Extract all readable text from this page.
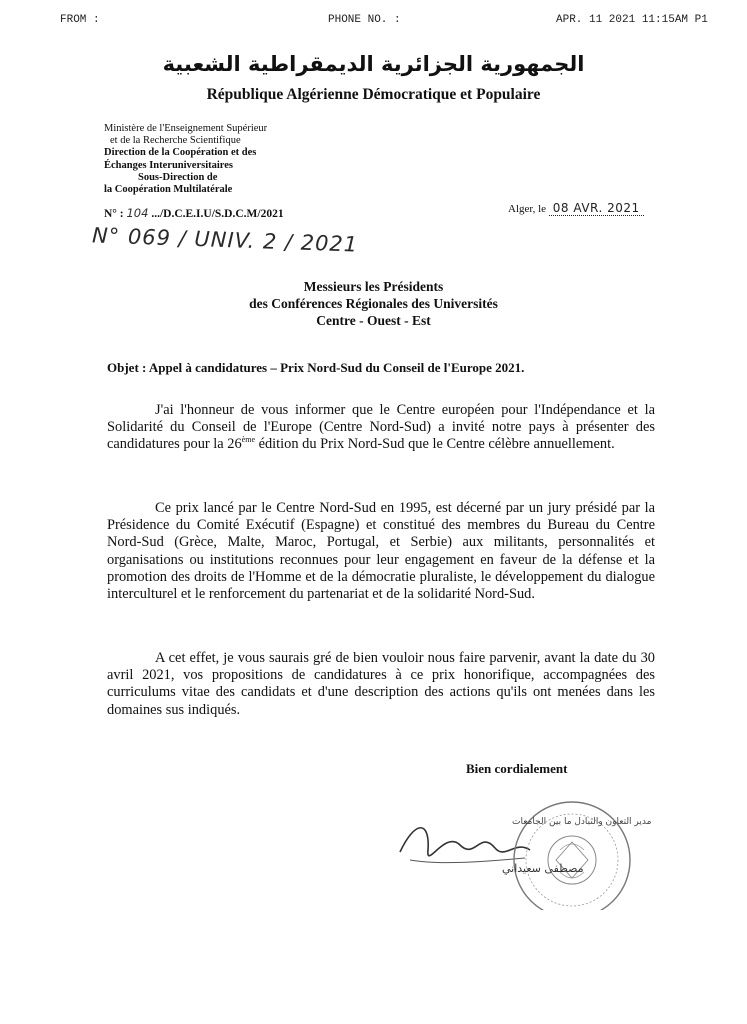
FROM :	PHONE NO. :	APR. 11 2021 11:15AM P1
الجمهورية الجزائرية الديمقراطية الشعبية
République Algérienne Démocratique et Populaire
Ministère de l'Enseignement Supérieur
et de la Recherche Scientifique
Direction de la Coopération et des
Échanges Interuniversitaires
Sous-Direction de
la Coopération Multilatérale
N° : 104 .../D.C.E.I.U/S.D.C.M/2021	Alger, le 08 AVR. 2021
N° 069 / UNIV. 2 / 2021
Messieurs les Présidents
des Conférences Régionales des Universités
Centre - Ouest - Est
Objet : Appel à candidatures – Prix Nord-Sud du Conseil de l'Europe 2021.
J'ai l'honneur de vous informer que le Centre européen pour l'Indépendance et la Solidarité du Conseil de l'Europe (Centre Nord-Sud) a invité notre pays à présenter des candidatures pour la 26ème édition du Prix Nord-Sud que le Centre célèbre annuellement.
Ce prix lancé par le Centre Nord-Sud en 1995, est décerné par un jury présidé par la Présidence du Comité Exécutif (Espagne) et constitué des membres du Bureau du Centre Nord-Sud (Grèce, Malte, Maroc, Portugal, et Serbie) aux militants, personnalités et organisations ou institutions reconnues pour leur engagement en faveur de la défense et la promotion des droits de l'Homme et de la démocratie pluraliste, le développement du dialogue interculturel et le renforcement du partenariat et de la solidarité Nord-Sud.
A cet effet, je vous saurais gré de bien vouloir nous faire parvenir, avant la date du 30 avril 2021, vos propositions de candidatures à ce prix honorifique, accompagnées des curriculums vitae des candidats et d'une description des actions qu'ils ont menées dans les domaines sus indiqués.
Bien cordialement
مدير التعاون والتبادل ما بين الجامعات
مصطفى سعيداني
